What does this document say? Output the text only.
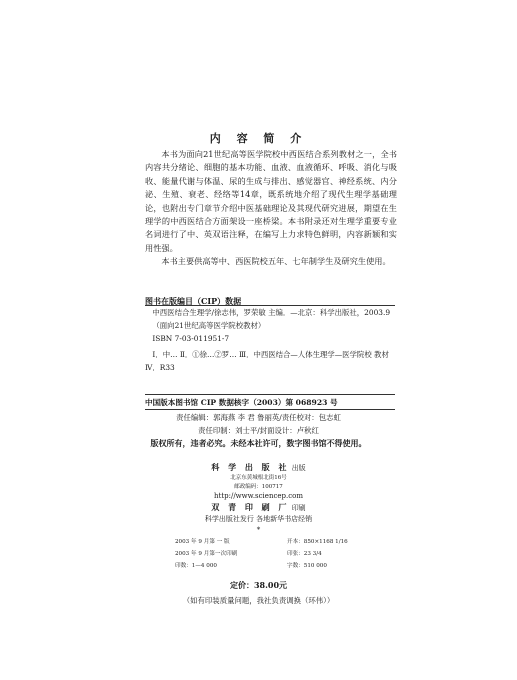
内 容 简 介

本书为面向21世纪高等医学院校中西医结合系列教材之一，全书内容共分绪论、细胞的基本功能、血液、血液循环、呼吸、消化与吸收、能量代谢与体温、尿的生成与排出、感觉器官、神经系统、内分泌、生殖、衰老、经络等14章，既系统地介绍了现代生理学基础理论，也附出专门章节介绍中医基础理论及其现代研究进展，期望在生理学的中西医结合方面架设一座桥梁。本书附录还对生理学重要专业名词进行了中、英双语注释，在编写上力求特色鲜明，内容新颖和实用性强。

本书主要供高等中、西医院校五年、七年制学生及研究生使用。

图书在版编目（CIP）数据

中西医结合生理学/徐志伟，罗荣敏 主编．—北京：科学出版社，2003.9

（面向21世纪高等医学院校教材）

ISBN 7-03-011951-7

Ⅰ．中… Ⅱ．①徐…②罗… Ⅲ．中西医结合—人体生理学—医学院校 教材 Ⅳ．R33

中国版本图书馆 CIP 数据核字（2003）第 068923 号

责任编辑：郭海燕 李 君 鲁丽英/责任校对：包志虹

责任印制：刘士平/封面设计：卢秋红

版权所有，违者必究。未经本社许可，数字图书馆不得使用。

科 学 出 版 社 出版

北京东黄城根北街16号

邮政编码：100717

http://www.sciencep.com

双 青 印 刷 厂 印刷

科学出版社发行 各地新华书店经销

*

2003 年 9 月第 一 版	开本：850×1168 1/16
2003 年 9 月第一次印刷	印张：23 3/4
印数：1—4 000	字数：510 000
定价：38.00元
（如有印装质量问题，我社负责调换（环伟））
